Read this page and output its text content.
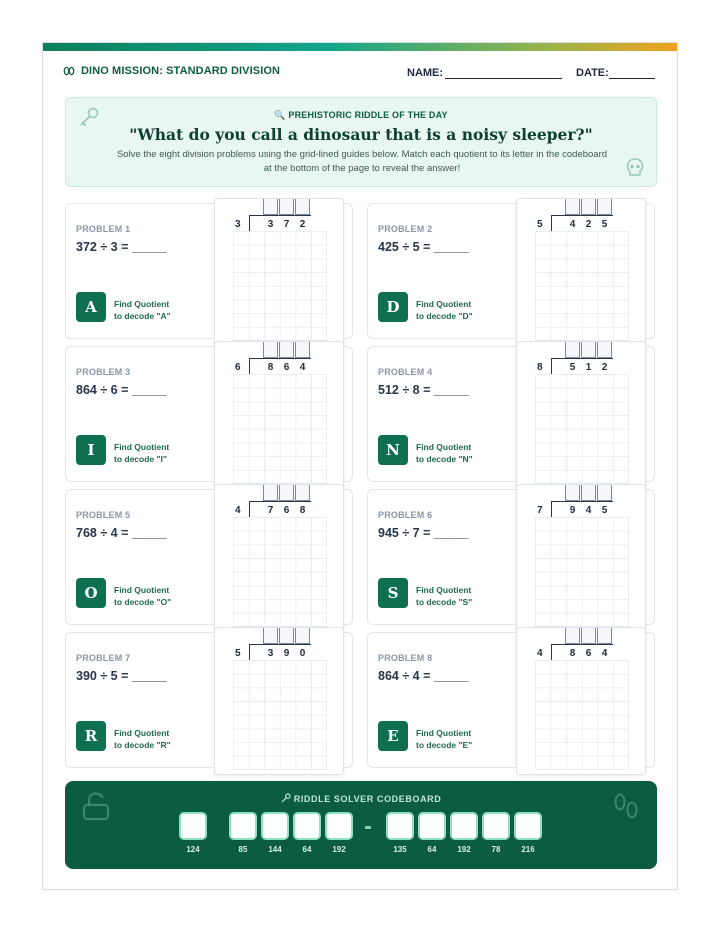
DINO MISSION: STANDARD DIVISION	NAME:	DATE:
🔍 PREHISTORIC RIDDLE OF THE DAY
"What do you call a dinosaur that is a noisy sleeper?"
Solve the eight division problems using the grid-lined guides below. Match each quotient to its letter in the codeboard at the bottom of the page to reveal the answer!
PROBLEM 1
372 ÷ 3 = _____
A	Find Quotient
to decode "A"
3	3	7	2	PROBLEM 2
425 ÷ 5 = _____
D	Find Quotient
to decode "D"
5	4	2	5
PROBLEM 3
864 ÷ 6 = _____
I	Find Quotient
to decode "I"
6	8	6	4	PROBLEM 4
512 ÷ 8 = _____
N	Find Quotient
to decode "N"
8	5	1	2
PROBLEM 5
768 ÷ 4 = _____
O	Find Quotient
to decode "O"
4	7	6	8	PROBLEM 6
945 ÷ 7 = _____
S	Find Quotient
to decode "S"
7	9	4	5
PROBLEM 7
390 ÷ 5 = _____
R	Find Quotient
to decode "R"
5	3	9	0	PROBLEM 8
864 ÷ 4 = _____
E	Find Quotient
to decode "E"
4	8	6	4
RIDDLE SOLVER CODEBOARD
124	85	144	64	192	135	64	192	78	216
